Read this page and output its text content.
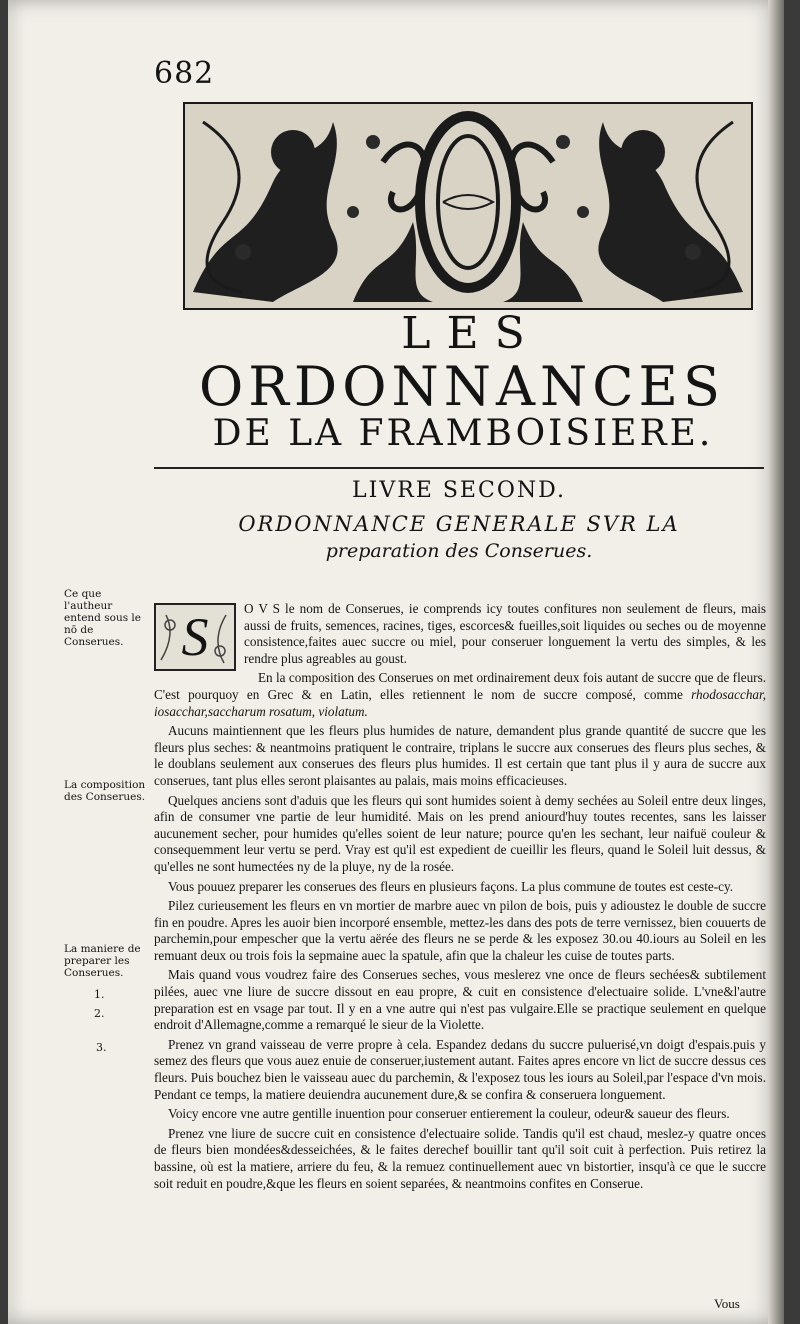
682
LES
ORDONNANCES
DE LA FRAMBOISIERE.
LIVRE SECOND.
ORDONNANCE GENERALE SVR LA
preparation des Conserues.
Ce que l'autheur entend sous le nō de Conserues.
La composition des Conserues.
La maniere de preparer les Conserues.
1.
2.
3.

S	O V S le nom de Conserues, ie comprends icy toutes confitures non seulement de fleurs, mais aussi de fruits, semences, racines, tiges, escorces& fueilles,soit liquides ou seches ou de moyenne consistence,faites auec succre ou miel, pour conseruer longuement la vertu des simples, & les rendre plus agreables au goust.

En la composition des Conserues on met ordinairement deux fois autant de succre que de fleurs. C'est pourquoy en Grec & en Latin, elles retiennent le nom de succre composé, comme rhodosacchar, iosacchar,saccharum rosatum, violatum.

Aucuns maintiennent que les fleurs plus humides de nature, demandent plus grande quantité de succre que les fleurs plus seches: & neantmoins pratiquent le contraire, triplans le succre aux conserues des fleurs plus seches, & le doublans seulement aux conserues des fleurs plus humides. Il est certain que tant plus il y aura de succre aux conserues, tant plus elles seront plaisantes au palais, mais moins efficacieuses.

Quelques anciens sont d'aduis que les fleurs qui sont humides soient à demy sechées au Soleil entre deux linges, afin de consumer vne partie de leur humidité. Mais on les prend aniourd'huy toutes recentes, sans les laisser aucunement secher, pour humides qu'elles soient de leur nature; pource qu'en les sechant, leur naifuë couleur & consequemment leur vertu se perd. Vray est qu'il est expedient de cueillir les fleurs, quand le Soleil luit dessus, & qu'elles ne sont humectées ny de la pluye, ny de la rosée.

Vous pouuez preparer les conserues des fleurs en plusieurs façons. La plus commune de toutes est ceste-cy.

Pilez curieusement les fleurs en vn mortier de marbre auec vn pilon de bois, puis y adioustez le double de succre fin en poudre. Apres les auoir bien incorporé ensemble, mettez-les dans des pots de terre vernissez, bien couuerts de parchemin,pour empescher que la vertu aërée des fleurs ne se perde & les exposez 30.ou 40.iours au Soleil en les remuant deux ou trois fois la sepmaine auec la spatule, afin que la chaleur les cuise de toutes parts.

Mais quand vous voudrez faire des Conserues seches, vous meslerez vne once de fleurs sechées& subtilement pilées, auec vne liure de succre dissout en eau propre, & cuit en consistence d'electuaire solide. L'vne&l'autre preparation est en vsage par tout. Il y en a vne autre qui n'est pas vulgaire.Elle se practique seulement en quelque endroit d'Allemagne,comme a remarqué le sieur de la Violette.

Prenez vn grand vaisseau de verre propre à cela. Espandez dedans du succre puluerisé,vn doigt d'espais.puis y semez des fleurs que vous auez enuie de conseruer,iustement autant. Faites apres encore vn lict de succre dessus ces fleurs. Puis bouchez bien le vaisseau auec du parchemin, & l'exposez tous les iours au Soleil,par l'espace d'vn mois. Pendant ce temps, la matiere deuiendra aucunement dure,& se confira & conseruera longuement.

Voicy encore vne autre gentille inuention pour conseruer entierement la couleur, odeur& saueur des fleurs.

Prenez vne liure de succre cuit en consistence d'electuaire solide. Tandis qu'il est chaud, meslez-y quatre onces de fleurs bien mondées&desseichées, & le faites derechef bouillir tant qu'il soit cuit à perfection. Puis retirez la bassine, où est la matiere, arriere du feu, & la remuez continuellement auec vn bistortier, insqu'à ce que le succre soit reduit en poudre,&que les fleurs en soient separées, & neantmoins confites en Conserue.

Vous
